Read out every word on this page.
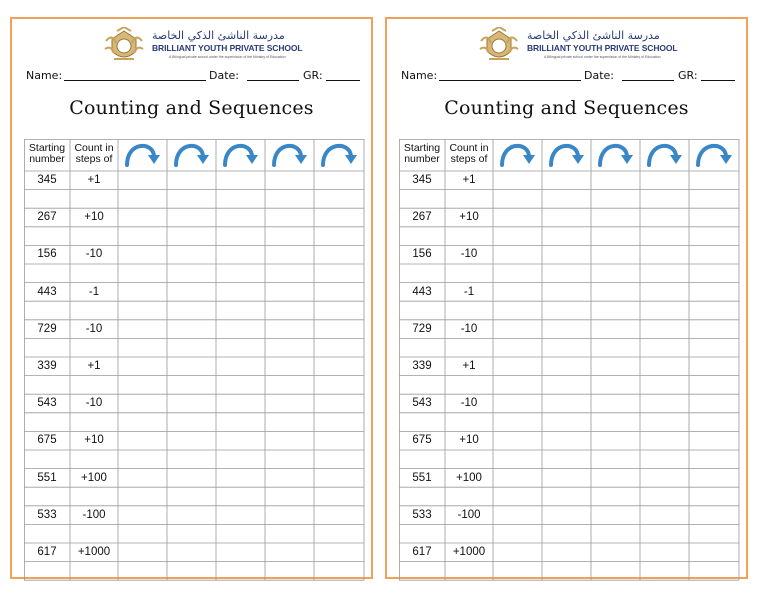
مدرسة الناشئ الذكي الخاصة
BRILLIANT YOUTH PRIVATE SCHOOL
A Bilingual private school under the supervision of the Ministry of Education
Name:	Date:	GR:
Counting and Sequences
Starting
number
Count in
steps of
345	+1
267	+10
156	-10
443	-1
729	-10
339	+1
543	-10
675	+10
551	+100
533	-100
617	+1000
مدرسة الناشئ الذكي الخاصة
BRILLIANT YOUTH PRIVATE SCHOOL
A Bilingual private school under the supervision of the Ministry of Education
Name:	Date:	GR:
Counting and Sequences
Starting
number
Count in
steps of
345	+1
267	+10
156	-10
443	-1
729	-10
339	+1
543	-10
675	+10
551	+100
533	-100
617	+1000
